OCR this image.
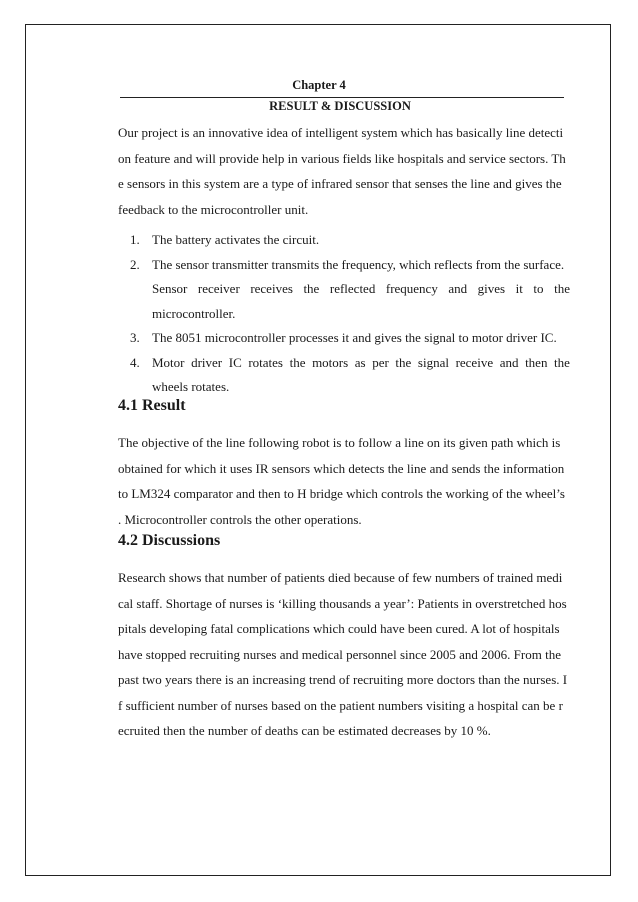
Chapter 4
RESULT & DISCUSSION

Our project is an innovative idea of intelligent system which has basically line detecti
on feature and will provide help in various fields like hospitals and service sectors. Th
e sensors in this system are a type of infrared sensor that senses the line and gives the
feedback to the microcontroller unit.

1. The battery activates the circuit.
2. The sensor transmitter transmits the frequency, which reflects from the surface.
Sensor receiver receives the reflected frequency and gives it to the
microcontroller.
3. The 8051 microcontroller processes it and gives the signal to motor driver IC.
4. Motor driver IC rotates the motors as per the signal receive and then the
wheels rotates.
4.1 Result

The objective of the line following robot is to follow a line on its given path which is
obtained for which it uses IR sensors which detects the line and sends the information
to LM324 comparator and then to H bridge which controls the working of the wheel’s
. Microcontroller controls the other operations.

4.2 Discussions

Research shows that number of patients died because of few numbers of trained medi
cal staff. Shortage of nurses is ‘killing thousands a year’: Patients in overstretched hos
pitals developing fatal complications which could have been cured. A lot of hospitals
have stopped recruiting nurses and medical personnel since 2005 and 2006. From the
past two years there is an increasing trend of recruiting more doctors than the nurses. I
f sufficient number of nurses based on the patient numbers visiting a hospital can be r
ecruited then the number of deaths can be estimated decreases by 10 %.
